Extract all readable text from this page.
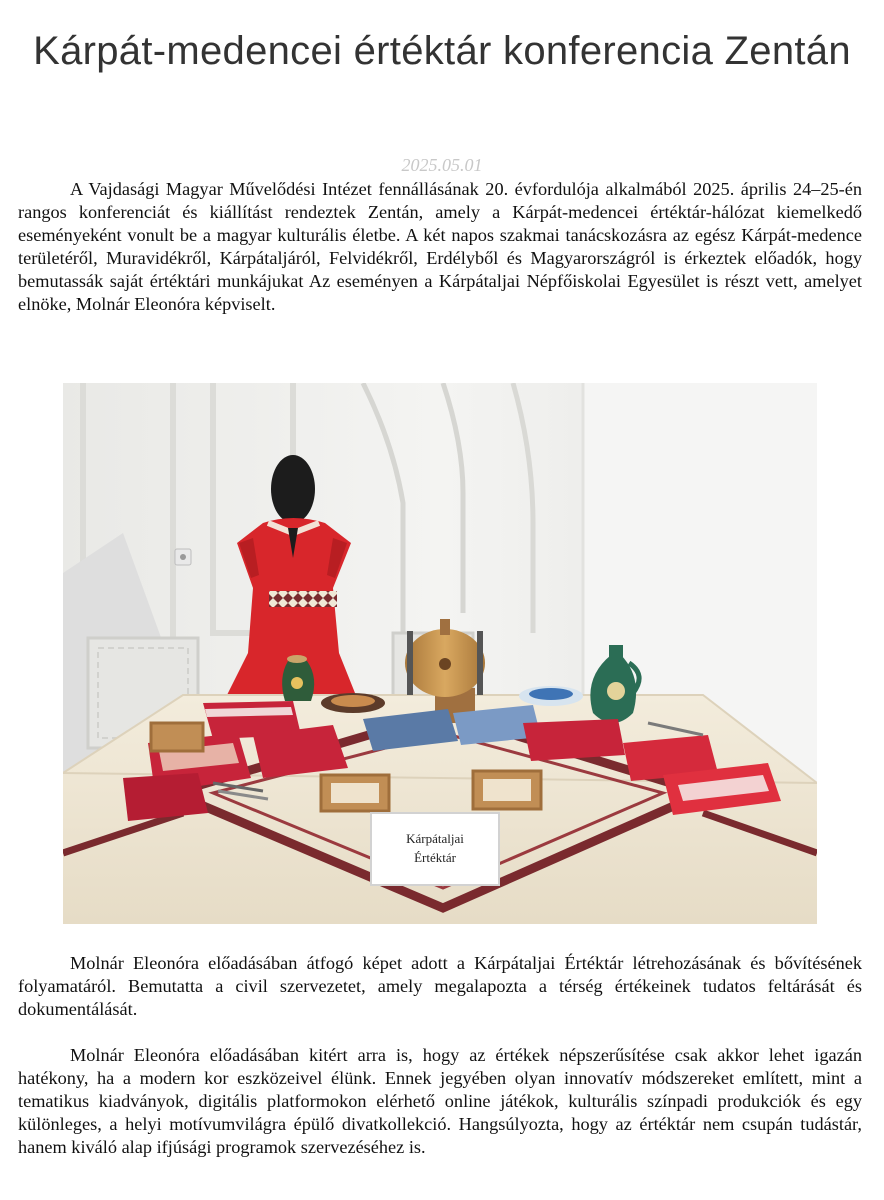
Kárpát-medencei értéktár konferencia Zentán
2025.05.01

A Vajdasági Magyar Művelődési Intézet fennállásának 20. évfordulója alkalmából 2025. április 24–25-én rangos konferenciát és kiállítást rendeztek Zentán, amely a Kárpát-medencei értéktár-hálózat kiemelkedő eseményeként vonult be a magyar kulturális életbe. A két napos szakmai tanácskozásra az egész Kárpát-medence területéről, Muravidékről, Kárpátaljáról, Felvidékről, Erdélyből és Magyarországról is érkeztek előadók, hogy bemutassák saját értéktári munkájukat Az eseményen a Kárpátaljai Népfőiskolai Egyesület is részt vett, amelyet elnöke, Molnár Eleonóra képviselt.

Kárpátaljai
Értéktár

Molnár Eleonóra előadásában átfogó képet adott a Kárpátaljai Értéktár létrehozásának és bővítésének folyamatáról. Bemutatta a civil szervezetet, amely megalapozta a térség értékeinek tudatos feltárását és dokumentálását.

Molnár Eleonóra előadásában kitért arra is, hogy az értékek népszerűsítése csak akkor lehet igazán hatékony, ha a modern kor eszközeivel élünk. Ennek jegyében olyan innovatív módszereket említett, mint a tematikus kiadványok, digitális platformokon elérhető online játékok, kulturális színpadi produkciók és egy különleges, a helyi motívumvilágra épülő divatkollekció. Hangsúlyozta, hogy az értéktár nem csupán tudástár, hanem kiváló alap ifjúsági programok szervezéséhez is.
